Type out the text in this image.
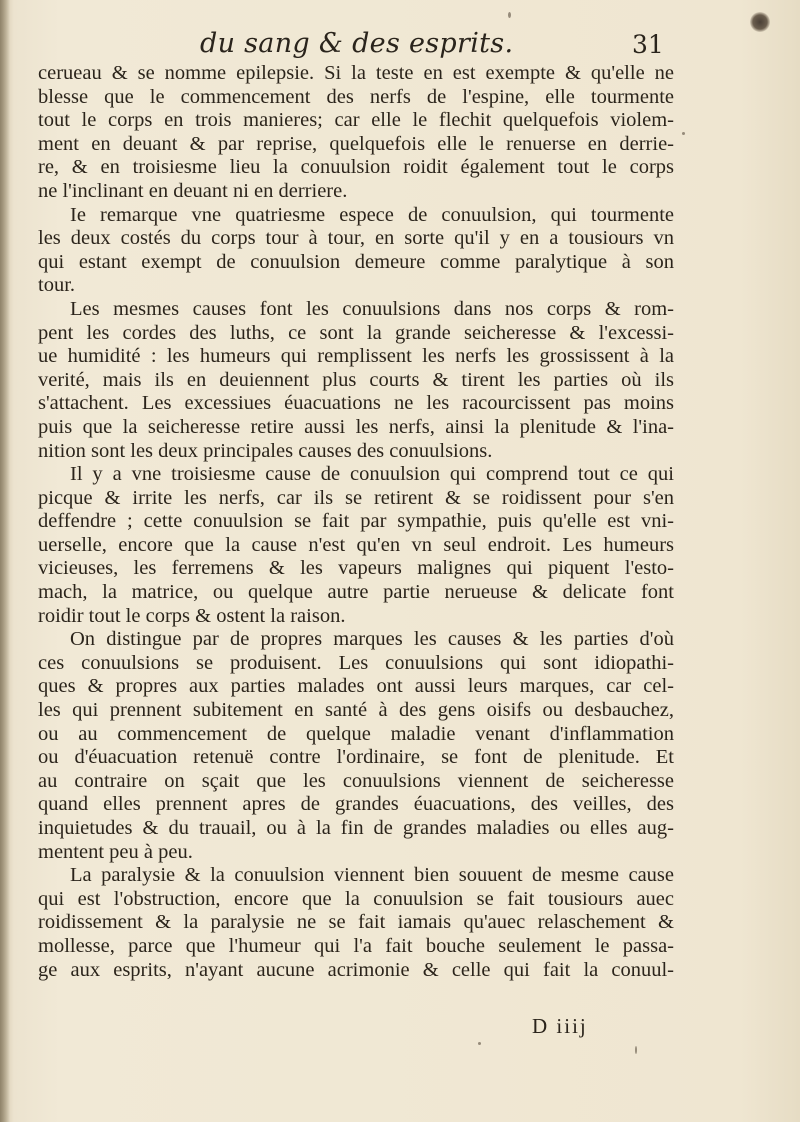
du sang & des esprits.	31
cerueau & se nomme epilepsie. Si la teste en est exempte & qu'elle ne
blesse que le commencement des nerfs de l'espine, elle tourmente
tout le corps en trois manieres; car elle le flechit quelquefois violem-
ment en deuant & par reprise, quelquefois elle le renuerse en derrie-
re, & en troisiesme lieu la conuulsion roidit également tout le corps
ne l'inclinant en deuant ni en derriere.
Ie remarque vne quatriesme espece de conuulsion, qui tourmente
les deux costés du corps tour à tour, en sorte qu'il y en a tousiours vn
qui estant exempt de conuulsion demeure comme paralytique à son
tour.
Les mesmes causes font les conuulsions dans nos corps & rom-
pent les cordes des luths, ce sont la grande seicheresse & l'excessi-
ue humidité : les humeurs qui remplissent les nerfs les grossissent à la
verité, mais ils en deuiennent plus courts & tirent les parties où ils
s'attachent. Les excessiues éuacuations ne les racourcissent pas moins
puis que la seicheresse retire aussi les nerfs, ainsi la plenitude & l'ina-
nition sont les deux principales causes des conuulsions.
Il y a vne troisiesme cause de conuulsion qui comprend tout ce qui
picque & irrite les nerfs, car ils se retirent & se roidissent pour s'en
deffendre ; cette conuulsion se fait par sympathie, puis qu'elle est vni-
uerselle, encore que la cause n'est qu'en vn seul endroit. Les humeurs
vicieuses, les ferremens & les vapeurs malignes qui piquent l'esto-
mach, la matrice, ou quelque autre partie nerueuse & delicate font
roidir tout le corps & ostent la raison.
On distingue par de propres marques les causes & les parties d'où
ces conuulsions se produisent. Les conuulsions qui sont idiopathi-
ques & propres aux parties malades ont aussi leurs marques, car cel-
les qui prennent subitement en santé à des gens oisifs ou desbauchez,
ou au commencement de quelque maladie venant d'inflammation
ou d'éuacuation retenuë contre l'ordinaire, se font de plenitude. Et
au contraire on sçait que les conuulsions viennent de seicheresse
quand elles prennent apres de grandes éuacuations, des veilles, des
inquietudes & du trauail, ou à la fin de grandes maladies ou elles aug-
mentent peu à peu.
La paralysie & la conuulsion viennent bien souuent de mesme cause
qui est l'obstruction, encore que la conuulsion se fait tousiours auec
roidissement & la paralysie ne se fait iamais qu'auec relaschement &
mollesse, parce que l'humeur qui l'a fait bouche seulement le passa-
ge aux esprits, n'ayant aucune acrimonie & celle qui fait la conuul-
D iiij
